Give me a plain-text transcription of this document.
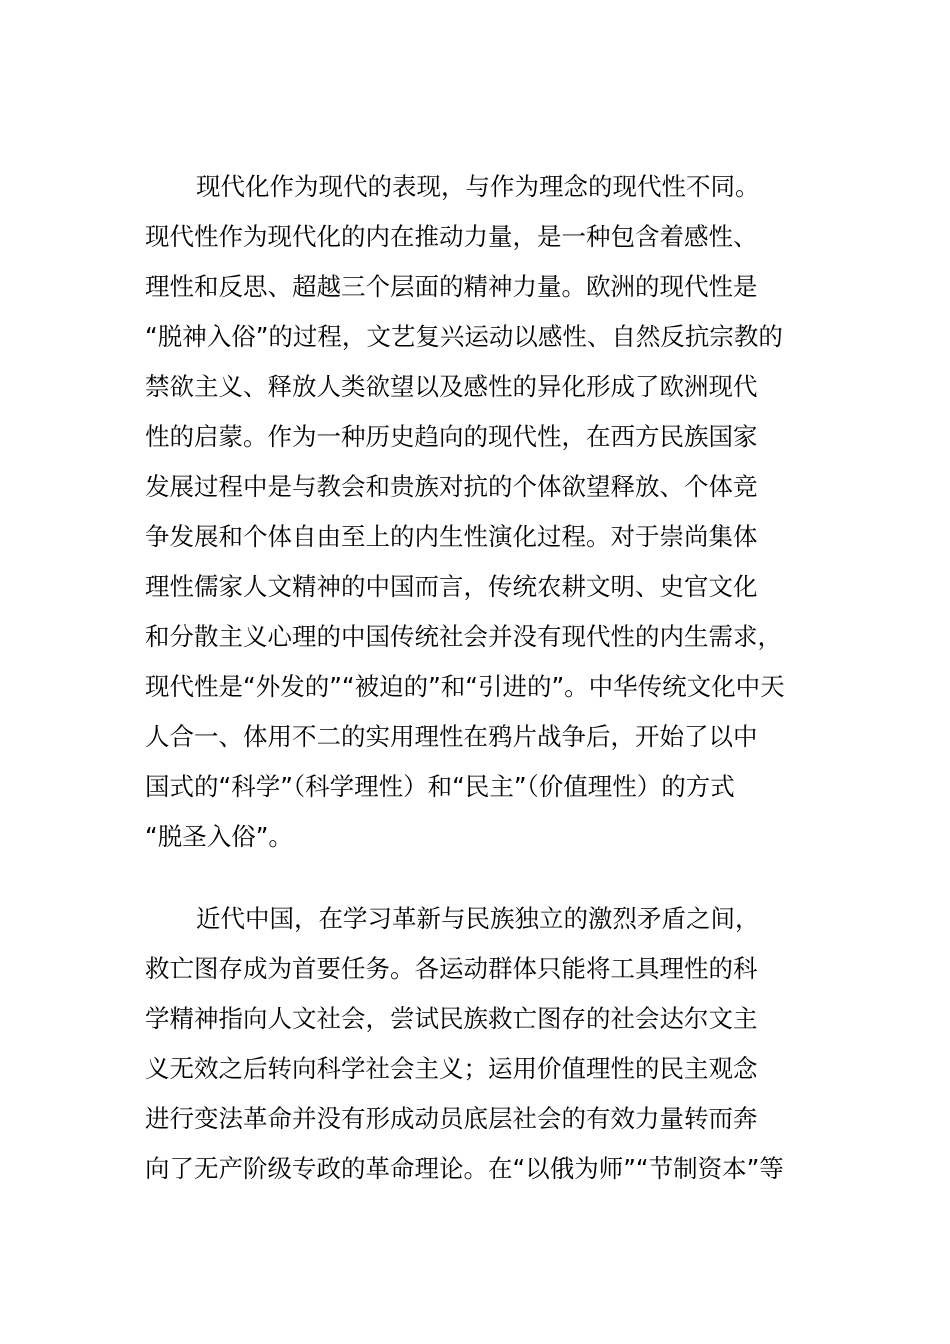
现代化作为现代的表现，与作为理念的现代性不同。
现代性作为现代化的内在推动力量，是一种包含着感性、
理性和反思、超越三个层面的精神力量。欧洲的现代性是
“脱神入俗”的过程，文艺复兴运动以感性、自然反抗宗教的
禁欲主义、释放人类欲望以及感性的异化形成了欧洲现代
性的启蒙。作为一种历史趋向的现代性，在西方民族国家
发展过程中是与教会和贵族对抗的个体欲望释放、个体竞
争发展和个体自由至上的内生性演化过程。对于崇尚集体
理性儒家人文精神的中国而言，传统农耕文明、史官文化
和分散主义心理的中国传统社会并没有现代性的内生需求，
现代性是“外发的”“被迫的”和“引进的”。中华传统文化中天
人合一、体用不二的实用理性在鸦片战争后，开始了以中
国式的“科学”（科学理性）和“民主”（价值理性）的方式
“脱圣入俗”。
近代中国，在学习革新与民族独立的激烈矛盾之间，
救亡图存成为首要任务。各运动群体只能将工具理性的科
学精神指向人文社会，尝试民族救亡图存的社会达尔文主
义无效之后转向科学社会主义；运用价值理性的民主观念
进行变法革命并没有形成动员底层社会的有效力量转而奔
向了无产阶级专政的革命理论。在“以俄为师”“节制资本”等
